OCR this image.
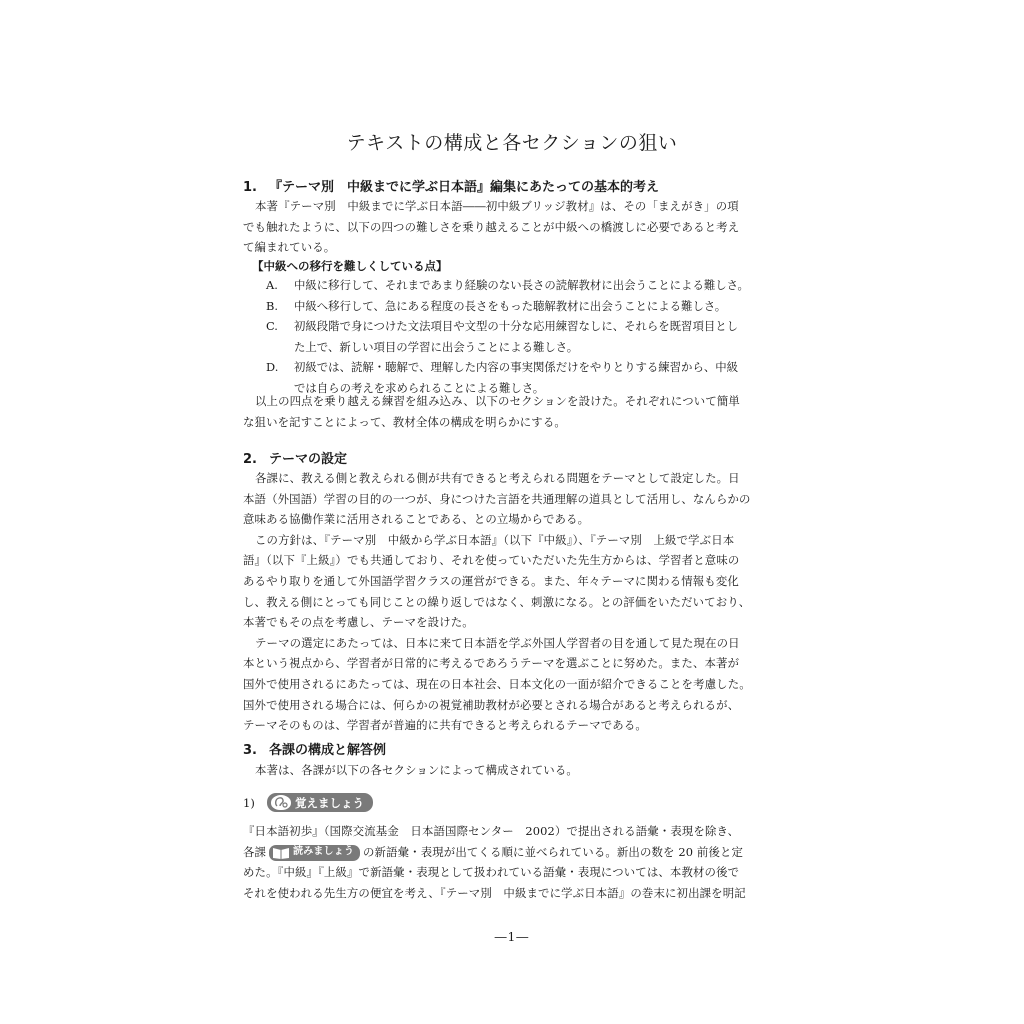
テキストの構成と各セクションの狙い
1. 『テーマ別　中級までに学ぶ日本語』編集にあたっての基本的考え

本著『テーマ別　中級までに学ぶ日本語――初中級ブリッジ教材』は、その「まえがき」の項
でも触れたように、以下の四つの難しさを乗り越えることが中級への橋渡しに必要であると考え
て編まれている。

【中級への移行を難しくしている点】

A. 中級に移行して、それまであまり経験のない長さの読解教材に出会うことによる難しさ。
B. 中級へ移行して、急にある程度の長さをもった聴解教材に出会うことによる難しさ。
C. 初級段階で身につけた文法項目や文型の十分な応用練習なしに、それらを既習項目とし
た上で、新しい項目の学習に出会うことによる難しさ。
D. 初級では、読解・聴解で、理解した内容の事実関係だけをやりとりする練習から、中級
では自らの考えを求められることによる難しさ。

以上の四点を乗り越える練習を組み込み、以下のセクションを設けた。それぞれについて簡単
な狙いを記すことによって、教材全体の構成を明らかにする。

2. テーマの設定

各課に、教える側と教えられる側が共有できると考えられる問題をテーマとして設定した。日
本語（外国語）学習の目的の一つが、身につけた言語を共通理解の道具として活用し、なんらかの
意味ある協働作業に活用されることである、との立場からである。
この方針は、『テーマ別　中級から学ぶ日本語』（以下『中級』）、『テーマ別　上級で学ぶ日本
語』（以下『上級』）でも共通しており、それを使っていただいた先生方からは、学習者と意味の
あるやり取りを通して外国語学習クラスの運営ができる。また、年々テーマに関わる情報も変化
し、教える側にとっても同じことの繰り返しではなく、刺激になる。との評価をいただいており、
本著でもその点を考慮し、テーマを設けた。
テーマの選定にあたっては、日本に来て日本語を学ぶ外国人学習者の目を通して見た現在の日
本という視点から、学習者が日常的に考えるであろうテーマを選ぶことに努めた。また、本著が
国外で使用されるにあたっては、現在の日本社会、日本文化の一面が紹介できることを考慮した。
国外で使用される場合には、何らかの視覚補助教材が必要とされる場合があると考えられるが、
テーマそのものは、学習者が普遍的に共有できると考えられるテーマである。

3. 各課の構成と解答例

本著は、各課が以下の各セクションによって構成されている。

1)	覚えましょう

『日本語初歩』（国際交流基金　日本語国際センター　2002）で提出される語彙・表現を除き、
各課	読みましょう の新語彙・表現が出てくる順に並べられている。新出の数を 20 前後と定
めた。『中級』『上級』で新語彙・表現として扱われている語彙・表現については、本教材の後で
それを使われる先生方の便宜を考え、『テーマ別　中級までに学ぶ日本語』の巻末に初出課を明記

―1―
